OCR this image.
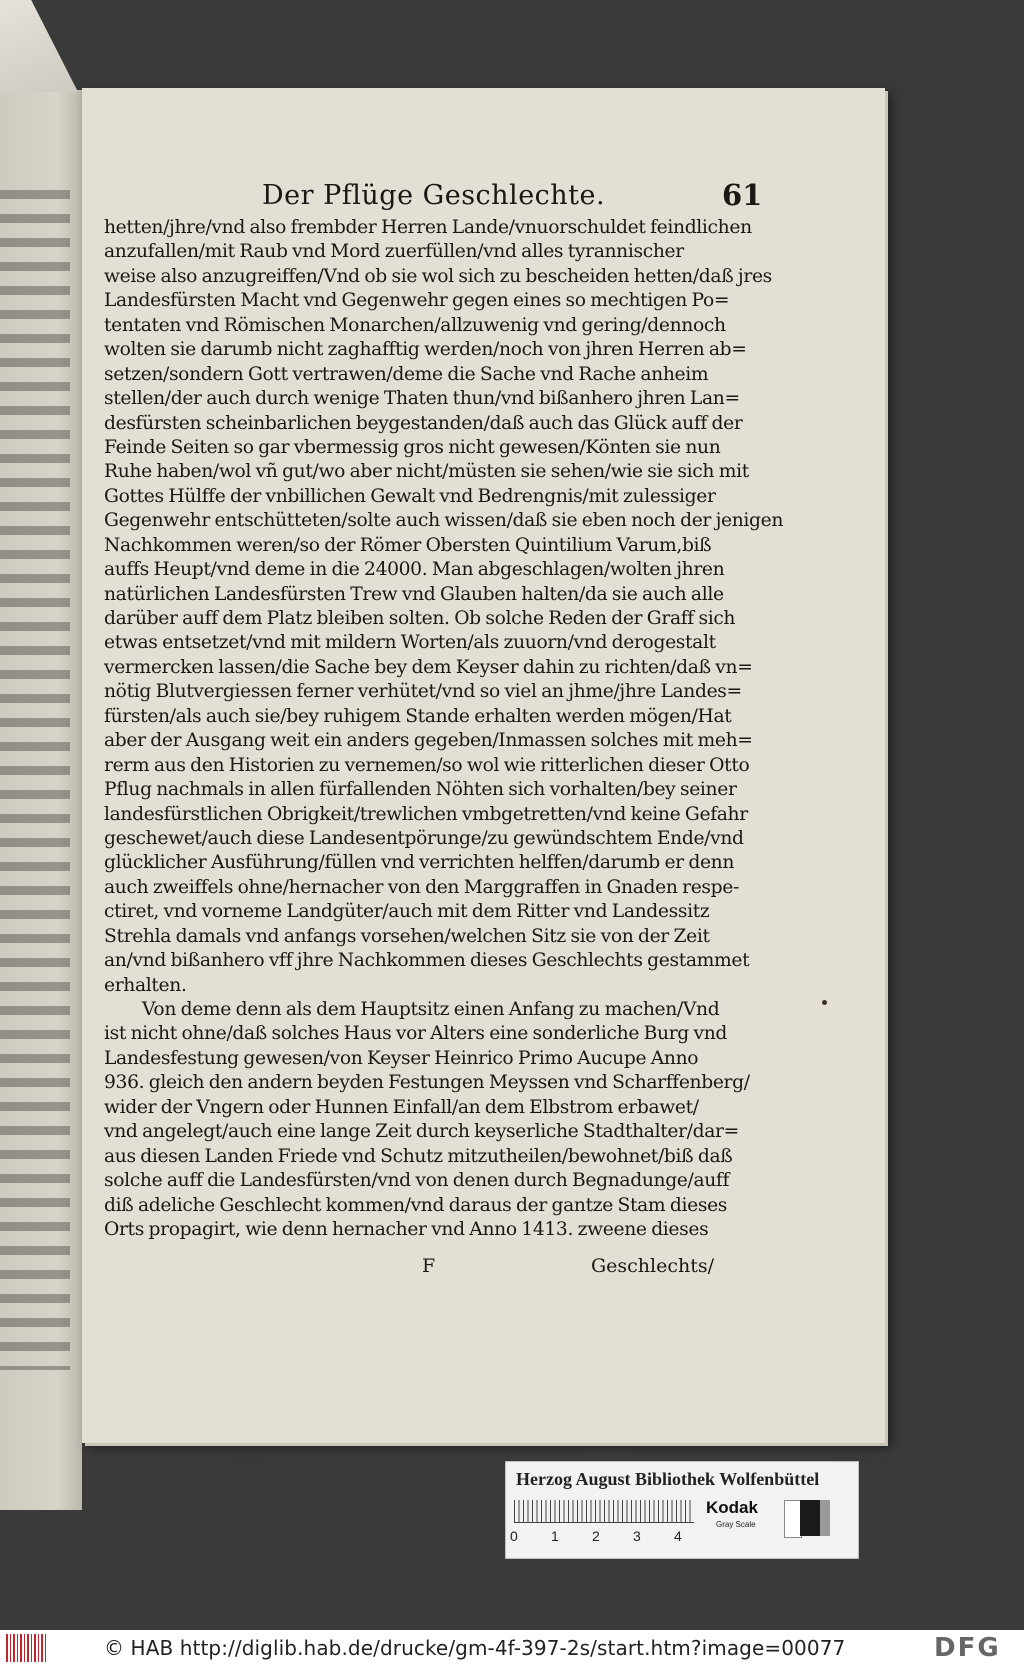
Der Pflüge Geschlechte.	61
hetten/jhre/vnd also frembder Herren Lande/vnuorschuldet feindlichen
anzufallen/mit Raub vnd Mord zuerfüllen/vnd alles tyrannischer
weise also anzugreiffen/Vnd ob sie wol sich zu bescheiden hetten/daß jres
Landesfürsten Macht vnd Gegenwehr gegen eines so mechtigen Po=
tentaten vnd Römischen Monarchen/allzuwenig vnd gering/dennoch
wolten sie darumb nicht zaghafftig werden/noch von jhren Herren ab=
setzen/sondern Gott vertrawen/deme die Sache vnd Rache anheim
stellen/der auch durch wenige Thaten thun/vnd bißanhero jhren Lan=
desfürsten scheinbarlichen beygestanden/daß auch das Glück auff der
Feinde Seiten so gar vbermessig gros nicht gewesen/Könten sie nun
Ruhe haben/wol vñ gut/wo aber nicht/müsten sie sehen/wie sie sich mit
Gottes Hülffe der vnbillichen Gewalt vnd Bedrengnis/mit zulessiger
Gegenwehr entschütteten/solte auch wissen/daß sie eben noch der jenigen
Nachkommen weren/so der Römer Obersten Quintilium Varum,biß
auffs Heupt/vnd deme in die 24000. Man abgeschlagen/wolten jhren
natürlichen Landesfürsten Trew vnd Glauben halten/da sie auch alle
darüber auff dem Platz bleiben solten. Ob solche Reden der Graff sich
etwas entsetzet/vnd mit mildern Worten/als zuuorn/vnd derogestalt
vermercken lassen/die Sache bey dem Keyser dahin zu richten/daß vn=
nötig Blutvergiessen ferner verhütet/vnd so viel an jhme/jhre Landes=
fürsten/als auch sie/bey ruhigem Stande erhalten werden mögen/Hat
aber der Ausgang weit ein anders gegeben/Inmassen solches mit meh=
rerm aus den Historien zu vernemen/so wol wie ritterlichen dieser Otto
Pflug nachmals in allen fürfallenden Nöhten sich vorhalten/bey seiner
landesfürstlichen Obrigkeit/trewlichen vmbgetretten/vnd keine Gefahr
geschewet/auch diese Landesentpörunge/zu gewündschtem Ende/vnd
glücklicher Ausführung/füllen vnd verrichten helffen/darumb er denn
auch zweiffels ohne/hernacher von den Marggraffen in Gnaden respe-
ctiret, vnd vorneme Landgüter/auch mit dem Ritter vnd Landessitz
Strehla damals vnd anfangs vorsehen/welchen Sitz sie von der Zeit
an/vnd bißanhero vff jhre Nachkommen dieses Geschlechts gestammet
erhalten.
Von deme denn als dem Hauptsitz einen Anfang zu machen/Vnd
ist nicht ohne/daß solches Haus vor Alters eine sonderliche Burg vnd
Landesfestung gewesen/von Keyser Heinrico Primo Aucupe Anno
936. gleich den andern beyden Festungen Meyssen vnd Scharffenberg/
wider der Vngern oder Hunnen Einfall/an dem Elbstrom erbawet/
vnd angelegt/auch eine lange Zeit durch keyserliche Stadthalter/dar=
aus diesen Landen Friede vnd Schutz mitzutheilen/bewohnet/biß daß
solche auff die Landesfürsten/vnd von denen durch Begnadunge/auff
diß adeliche Geschlecht kommen/vnd daraus der gantze Stam dieses
Orts propagirt, wie denn hernacher vnd Anno 1413. zweene dieses
F	Geschlechts/
Herzog August Bibliothek Wolfenbüttel
0 1 2 3 4
Kodak
Gray Scale
© HAB http://diglib.hab.de/drucke/gm-4f-397-2s/start.htm?image=00077	DFG
